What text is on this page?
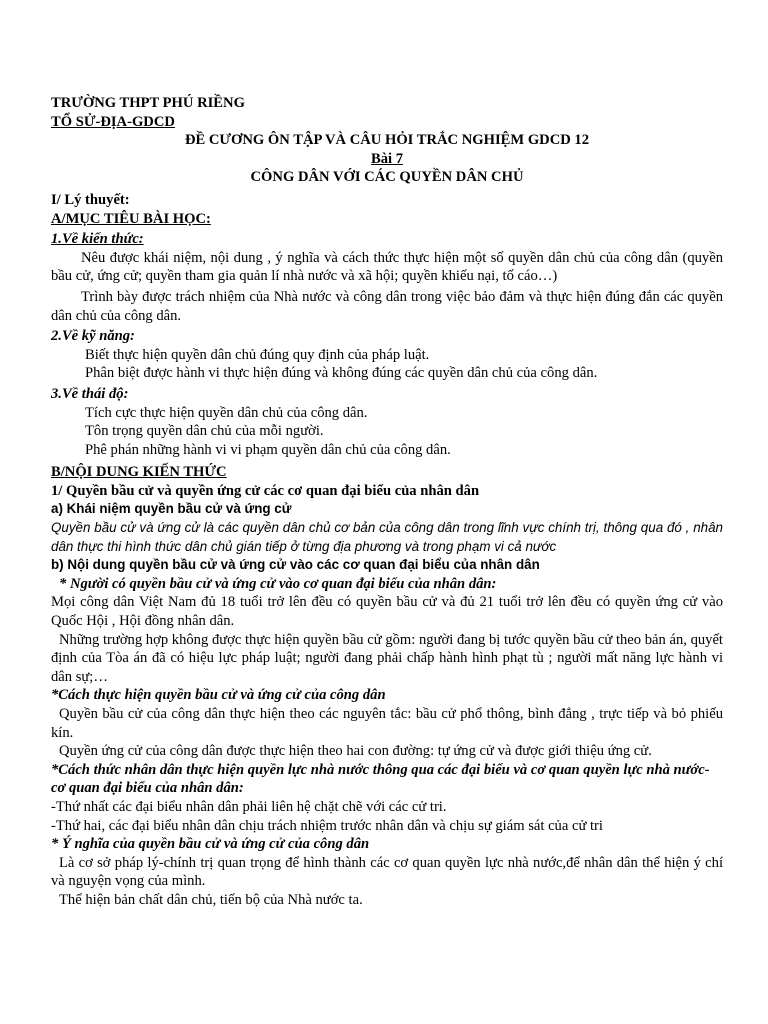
TRƯỜNG THPT PHÚ RIỀNG

TỔ SỬ-ĐỊA-GDCD

ĐỀ CƯƠNG ÔN TẬP VÀ CÂU HỎI TRẮC NGHIỆM GDCD 12

Bài 7

CÔNG DÂN VỚI CÁC QUYỀN DÂN CHỦ

I/ Lý thuyết:

A/MỤC TIÊU BÀI HỌC:

1.Về kiến thức:

Nêu được khái niệm, nội dung , ý nghĩa và cách thức thực hiện một số quyền dân chủ của công dân (quyền bầu cử, ứng cử; quyền tham gia quản lí nhà nước và xã hội; quyền khiếu nại, tố cáo…)

Trình bày được trách nhiệm của Nhà nước và công dân trong việc bảo đảm và thực hiện đúng đắn các quyền dân chủ của công dân.

2.Về kỹ năng:

Biết thực hiện quyền dân chủ đúng quy định của pháp luật.

Phân biệt được hành vi thực hiện đúng và không đúng các quyền dân chủ của công dân.

3.Về thái độ:

Tích cực thực hiện quyền dân chủ của công dân.

Tôn trọng quyền dân chủ của mỗi người.

Phê phán những hành vi vi phạm quyền dân chủ của công dân.

B/NỘI DUNG KIẾN THỨC

1/ Quyền bầu cử và quyền ứng cử các cơ quan đại biểu của nhân dân

a) Khái niệm quyền bầu cử và ứng cử

Quyền bầu cử và ứng cử là các quyền dân chủ cơ bản của công dân trong lĩnh vực chính trị, thông qua đó , nhân dân thực thi hình thức dân chủ gián tiếp ở từng địa phương và trong phạm vi cả nước

b) Nội dung quyền bầu cử và ứng cử vào các cơ quan đại biểu của nhân dân

* Người có quyền bầu cử và ứng cử vào cơ quan đại biểu của nhân dân:

Mọi công dân Việt Nam đủ 18 tuổi trở lên đều có quyền bầu cử và đủ 21 tuổi trở lên đều có quyền ứng cử vào Quốc Hội , Hội đồng nhân dân.

Những trường hợp không được thực hiện quyền bầu cử gồm: người đang bị tước quyền bầu cử theo bản án, quyết định của Tòa án đã có hiệu lực pháp luật; người đang phải chấp hành hình phạt tù ; người mất năng lực hành vi dân sự;…

*Cách thực hiện quyền bầu cử và ứng cử của công dân

Quyền bầu cử của công dân thực hiện theo các nguyên tắc: bầu cử phổ thông, bình đẳng , trực tiếp và bỏ phiếu kín.

Quyền ứng cử của công dân được thực hiện theo hai con đường: tự ứng cử và được giới thiệu ứng cử.

*Cách thức nhân dân thực hiện quyền lực nhà nước thông qua các đại biểu và cơ quan quyền lực nhà nước- cơ quan đại biểu của nhân dân:

-Thứ nhất các đại biểu nhân dân phải liên hệ chặt chẽ với các cử tri.

-Thứ hai, các đại biểu nhân dân chịu trách nhiệm trước nhân dân và chịu sự giám sát của cử tri

* Ý nghĩa của quyền bầu cử và ứng cử của công dân

Là cơ sở pháp lý-chính trị quan trọng để hình thành các cơ quan quyền lực nhà nước,để nhân dân thể hiện ý chí và nguyện vọng của mình.

Thể hiện bản chất dân chủ, tiến bộ của Nhà nước ta.
